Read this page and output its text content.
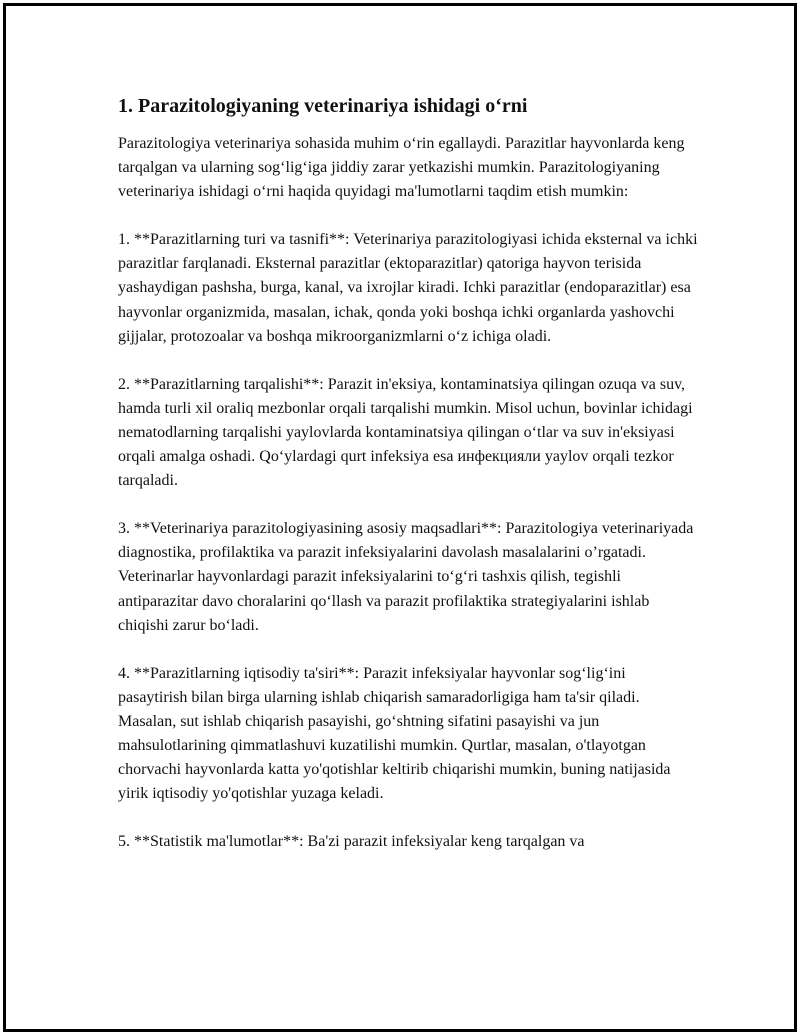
1. Parazitologiyaning veterinariya ishidagi o‘rni

Parazitologiya veterinariya sohasida muhim o‘rin egallaydi. Parazitlar hayvonlarda keng tarqalgan va ularning sog‘lig‘iga jiddiy zarar yetkazishi mumkin. Parazitologiyaning veterinariya ishidagi o‘rni haqida quyidagi ma'lumotlarni taqdim etish mumkin:

1. **Parazitlarning turi va tasnifi**: Veterinariya parazitologiyasi ichida eksternal va ichki parazitlar farqlanadi. Eksternal parazitlar (ektoparazitlar) qatoriga hayvon terisida yashaydigan pashsha, burga, kanal, va ixrojlar kiradi. Ichki parazitlar (endoparazitlar) esa hayvonlar organizmida, masalan, ichak, qonda yoki boshqa ichki organlarda yashovchi gijjalar, protozoalar va boshqa mikroorganizmlarni o‘z ichiga oladi.

2. **Parazitlarning tarqalishi**: Parazit in'eksiya, kontaminatsiya qilingan ozuqa va suv, hamda turli xil oraliq mezbonlar orqali tarqalishi mumkin. Misol uchun, bovinlar ichidagi nematodlarning tarqalishi yaylovlarda kontaminatsiya qilingan o‘tlar va suv in'eksiyasi orqali amalga oshadi. Qo‘ylardagi qurt infeksiya esa инфекцияли yaylov orqali tezkor tarqaladi.

3. **Veterinariya parazitologiyasining asosiy maqsadlari**: Parazitologiya veterinariyada diagnostika, profilaktika va parazit infeksiyalarini davolash masalalarini o’rgatadi. Veterinarlar hayvonlardagi parazit infeksiyalarini to‘g‘ri tashxis qilish, tegishli antiparazitar davo choralarini qo‘llash va parazit profilaktika strategiyalarini ishlab chiqishi zarur bo‘ladi.

4. **Parazitlarning iqtisodiy ta'siri**: Parazit infeksiyalar hayvonlar sog‘lig‘ini pasaytirish bilan birga ularning ishlab chiqarish samaradorligiga ham ta'sir qiladi. Masalan, sut ishlab chiqarish pasayishi, go‘shtning sifatini pasayishi va jun mahsulotlarining qimmatlashuvi kuzatilishi mumkin. Qurtlar, masalan, o'tlayotgan chorvachi hayvonlarda katta yo'qotishlar keltirib chiqarishi mumkin, buning natijasida yirik iqtisodiy yo'qotishlar yuzaga keladi.

5. **Statistik ma'lumotlar**: Ba'zi parazit infeksiyalar keng tarqalgan va
